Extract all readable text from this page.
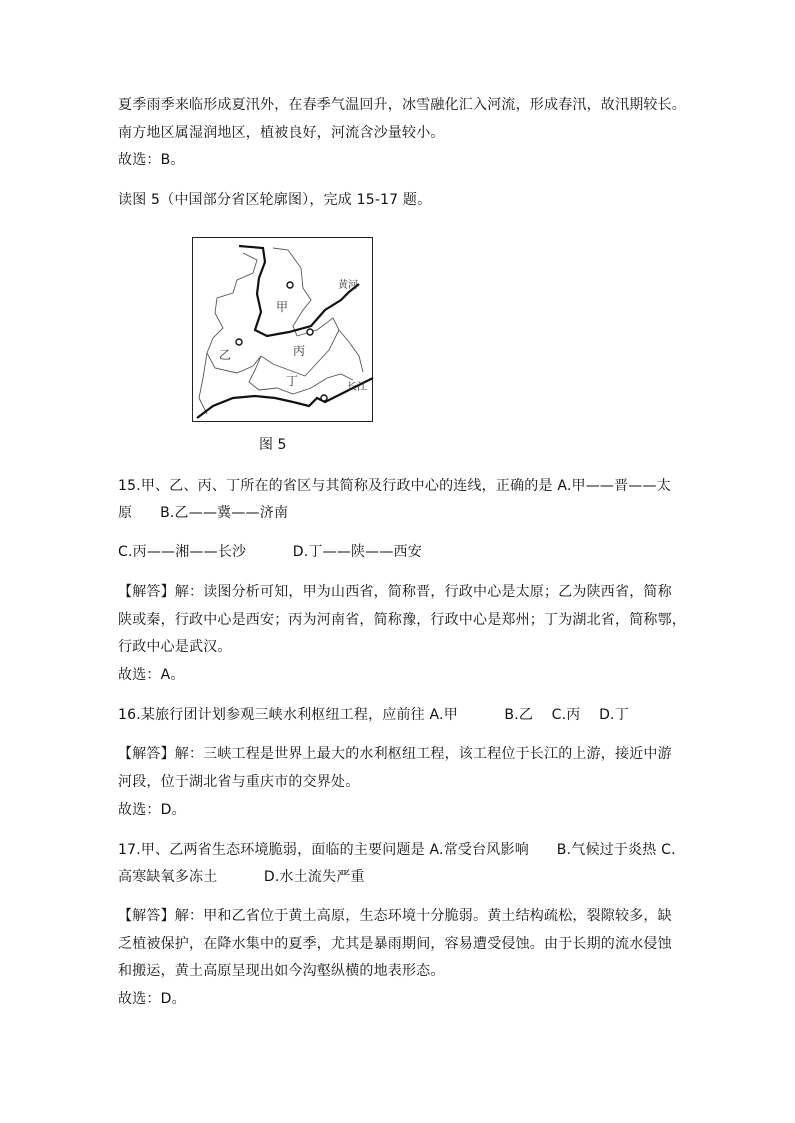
夏季雨季来临形成夏汛外，在春季气温回升，冰雪融化汇入河流，形成春汛，故汛期较长。
南方地区属湿润地区，植被良好，河流含沙量较小。
故选：B。
读图 5（中国部分省区轮廓图），完成 15-17 题。
甲
乙	丙
丁
黄河
长江
图 5
15.甲、乙、丙、丁所在的省区与其简称及行政中心的连线，正确的是 A.甲——晋——太
原      B.乙——冀——济南
C.丙——湘——长沙          D.丁——陕——西安
【解答】解：读图分析可知，甲为山西省，简称晋，行政中心是太原；乙为陕西省，简称
陕或秦，行政中心是西安；丙为河南省，简称豫，行政中心是郑州；丁为湖北省，简称鄂，
行政中心是武汉。
故选：A。
16.某旅行团计划参观三峡水利枢纽工程，应前往 A.甲          B.乙    C.丙    D.丁
【解答】解：三峡工程是世界上最大的水利枢纽工程，该工程位于长江的上游，接近中游
河段，位于湖北省与重庆市的交界处。
故选：D。
17.甲、乙两省生态环境脆弱，面临的主要问题是 A.常受台风影响      B.气候过于炎热 C.
高寒缺氧多冻土          D.水土流失严重
【解答】解：甲和乙省位于黄土高原，生态环境十分脆弱。黄土结构疏松，裂隙较多，缺
乏植被保护，在降水集中的夏季，尤其是暴雨期间，容易遭受侵蚀。由于长期的流水侵蚀
和搬运，黄土高原呈现出如今沟壑纵横的地表形态。
故选：D。
